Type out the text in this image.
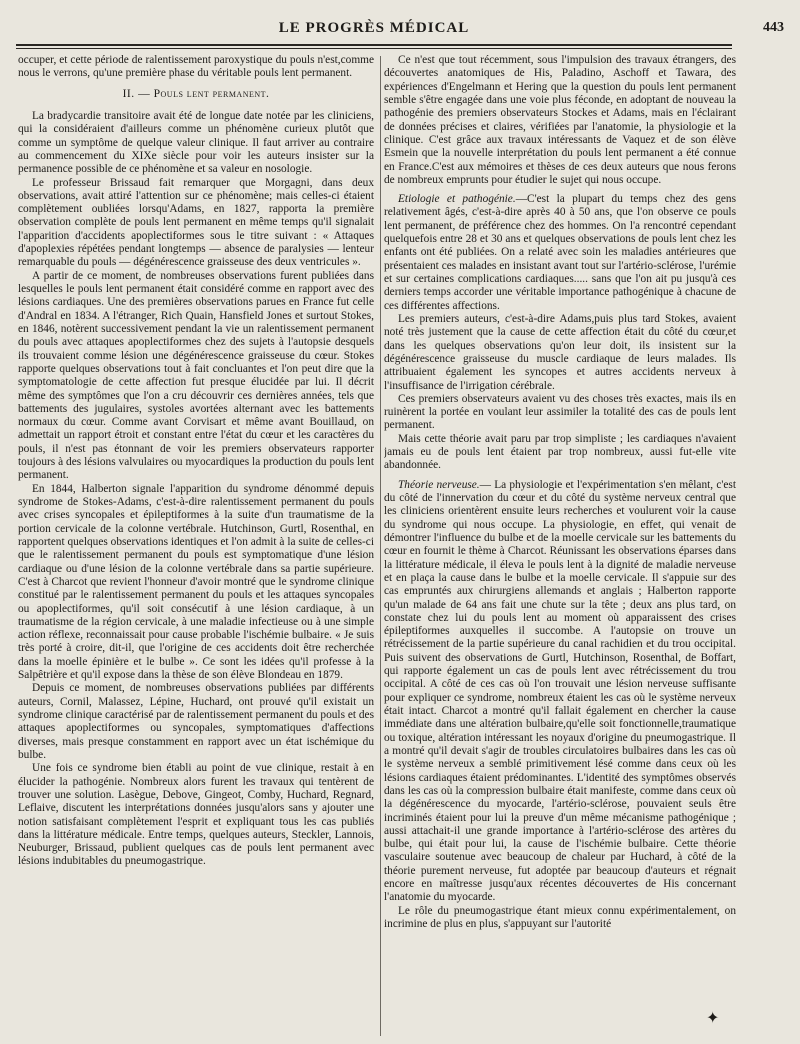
LE PROGRÈS MÉDICAL	443

occuper, et cette période de ralentissement paroxystique du pouls n'est,comme nous le verrons, qu'une première phase du véritable pouls lent permanent.

II. — Pouls lent permanent.

La bradycardie transitoire avait été de longue date notée par les cliniciens, qui la considéraient d'ailleurs comme un phénomène curieux plutôt que comme un symptôme de quelque valeur clinique. Il faut arriver au contraire au commencement du XIXe siècle pour voir les auteurs insister sur la permanence possible de ce phénomène et sa valeur en nosologie.

Le professeur Brissaud fait remarquer que Morgagni, dans deux observations, avait attiré l'attention sur ce phénomène; mais celles-ci étaient complètement oubliées lorsqu'Adams, en 1827, rapporta la première observation complète de pouls lent permanent en même temps qu'il signalait l'apparition d'accidents apoplectiformes sous le titre suivant : « Attaques d'apoplexies répétées pendant longtemps — absence de paralysies — lenteur remarquable du pouls — dégénérescence graisseuse des deux ventricules ».

A partir de ce moment, de nombreuses observations furent publiées dans lesquelles le pouls lent permanent était considéré comme en rapport avec des lésions cardiaques. Une des premières observations parues en France fut celle d'Andral en 1834. A l'étranger, Rich Quain, Hansfield Jones et surtout Stokes, en 1846, notèrent successivement pendant la vie un ralentissement permanent du pouls avec attaques apoplectiformes chez des sujets à l'autopsie desquels ils trouvaient comme lésion une dégénérescence graisseuse du cœur. Stokes rapporte quelques observations tout à fait concluantes et l'on peut dire que la symptomatologie de cette affection fut presque élucidée par lui. Il décrit même des symptômes que l'on a cru découvrir ces dernières années, tels que battements des jugulaires, systoles avortées alternant avec les battements normaux du cœur. Comme avant Corvisart et même avant Bouillaud, on admettait un rapport étroit et constant entre l'état du cœur et les caractères du pouls, il n'est pas étonnant de voir les premiers observateurs rapporter toujours à des lésions valvulaires ou myocardiques la production du pouls lent permanent.

En 1844, Halberton signale l'apparition du syndrome dénommé depuis syndrome de Stokes-Adams, c'est-à-dire ralentissement permanent du pouls avec crises syncopales et épileptiformes à la suite d'un traumatisme de la portion cervicale de la colonne vertébrale. Hutchinson, Gurtl, Rosenthal, en rapportent quelques observations identiques et l'on admit à la suite de celles-ci que le ralentissement permanent du pouls est symptomatique d'une lésion cardiaque ou d'une lésion de la colonne vertébrale dans sa partie supérieure. C'est à Charcot que revient l'honneur d'avoir montré que le syndrome clinique constitué par le ralentissement permanent du pouls et les attaques syncopales ou apoplectiformes, qu'il soit consécutif à une lésion cardiaque, à un traumatisme de la région cervicale, à une maladie infectieuse ou à une simple action réflexe, reconnaissait pour cause probable l'ischémie bulbaire. « Je suis très porté à croire, dit-il, que l'origine de ces accidents doit être recherchée dans la moelle épinière et le bulbe ». Ce sont les idées qu'il professe à la Salpêtrière et qu'il expose dans la thèse de son élève Blondeau en 1879.

Depuis ce moment, de nombreuses observations publiées par différents auteurs, Cornil, Malassez, Lépine, Huchard, ont prouvé qu'il existait un syndrome clinique caractérisé par de ralentissement permanent du pouls et des attaques apoplectiformes ou syncopales, symptomatiques d'affections diverses, mais presque constamment en rapport avec un état ischémique du bulbe.

Une fois ce syndrome bien établi au point de vue clinique, restait à en élucider la pathogénie. Nombreux alors furent les travaux qui tentèrent de trouver une solution. Lasègue, Debove, Gingeot, Comby, Huchard, Regnard, Leflaive, discutent les interprétations données jusqu'alors sans y ajouter une notion satisfaisant complètement l'esprit et expliquant tous les cas publiés dans la littérature médicale. Entre temps, quelques auteurs, Steckler, Lannois, Neuburger, Brissaud, publient quelques cas de pouls lent permanent avec lésions indubitables du pneumogastrique.

Ce n'est que tout récemment, sous l'impulsion des travaux étrangers, des découvertes anatomiques de His, Paladino, Aschoff et Tawara, des expériences d'Engelmann et Hering que la question du pouls lent permanent semble s'être engagée dans une voie plus féconde, en adoptant de nouveau la pathogénie des premiers observateurs Stockes et Adams, mais en l'éclairant de données précises et claires, vérifiées par l'anatomie, la physiologie et la clinique. C'est grâce aux travaux intéressants de Vaquez et de son élève Esmein que la nouvelle interprétation du pouls lent permanent a été connue en France.C'est aux mémoires et thèses de ces deux auteurs que nous ferons de nombreux emprunts pour étudier le sujet qui nous occupe.

Etiologie et pathogénie.—C'est la plupart du temps chez des gens relativement âgés, c'est-à-dire après 40 à 50 ans, que l'on observe ce pouls lent permanent, de préférence chez des hommes. On l'a rencontré cependant quelquefois entre 28 et 30 ans et quelques observations de pouls lent chez les enfants ont été publiées. On a relaté avec soin les maladies antérieures que présentaient ces malades en insistant avant tout sur l'artério-sclérose, l'urémie et sur certaines complications cardiaques..... sans que l'on ait pu jusqu'à ces derniers temps accorder une véritable importance pathogénique à chacune de ces différentes affections.

Les premiers auteurs, c'est-à-dire Adams,puis plus tard Stokes, avaient noté très justement que la cause de cette affection était du côté du cœur,et dans les quelques observations qu'on leur doit, ils insistent sur la dégénérescence graisseuse du muscle cardiaque de leurs malades. Ils attribuaient également les syncopes et autres accidents nerveux à l'insuffisance de l'irrigation cérébrale.

Ces premiers observateurs avaient vu des choses très exactes, mais ils en ruinèrent la portée en voulant leur assimiler la totalité des cas de pouls lent permanent.

Mais cette théorie avait paru par trop simpliste ; les cardiaques n'avaient jamais eu de pouls lent étaient par trop nombreux, aussi fut-elle vite abandonnée.

Théorie nerveuse.— La physiologie et l'expérimentation s'en mêlant, c'est du côté de l'innervation du cœur et du côté du système nerveux central que les cliniciens orientèrent ensuite leurs recherches et voulurent voir la cause du syndrome qui nous occupe. La physiologie, en effet, qui venait de démontrer l'influence du bulbe et de la moelle cervicale sur les battements du cœur en fournit le thème à Charcot. Réunissant les observations éparses dans la littérature médicale, il éleva le pouls lent à la dignité de maladie nerveuse et en plaça la cause dans le bulbe et la moelle cervicale. Il s'appuie sur des cas empruntés aux chirurgiens allemands et anglais ; Halberton rapporte qu'un malade de 64 ans fait une chute sur la tête ; deux ans plus tard, on constate chez lui du pouls lent au moment où apparaissent des crises épileptiformes auxquelles il succombe. A l'autopsie on trouve un rétrécissement de la partie supérieure du canal rachidien et du trou occipital. Puis suivent des observations de Gurtl, Hutchinson, Rosenthal, de Boffart, qui rapporte également un cas de pouls lent avec rétrécissement du trou occipital. A côté de ces cas où l'on trouvait une lésion nerveuse suffisante pour expliquer ce syndrome, nombreux étaient les cas où le système nerveux était intact. Charcot a montré qu'il fallait également en chercher la cause immédiate dans une altération bulbaire,qu'elle soit fonctionnelle,traumatique ou toxique, altération intéressant les noyaux d'origine du pneumogastrique. Il a montré qu'il devait s'agir de troubles circulatoires bulbaires dans les cas où le système nerveux a semblé primitivement lésé comme dans ceux où les lésions cardiaques étaient prédominantes. L'identité des symptômes observés dans les cas où la compression bulbaire était manifeste, comme dans ceux où la dégénérescence du myocarde, l'artério-sclérose, pouvaient seuls être incriminés étaient pour lui la preuve d'un même mécanisme pathogénique ; aussi attachait-il une grande importance à l'artério-sclérose des artères du bulbe, qui était pour lui, la cause de l'ischémie bulbaire. Cette théorie vasculaire soutenue avec beaucoup de chaleur par Huchard, à côté de la théorie purement nerveuse, fut adoptée par beaucoup d'auteurs et régnait encore en maîtresse jusqu'aux récentes découvertes de His concernant l'anatomie du myocarde.

Le rôle du pneumogastrique étant mieux connu expérimentalement, on incrimine de plus en plus, s'appuyant sur l'autorité

✦
